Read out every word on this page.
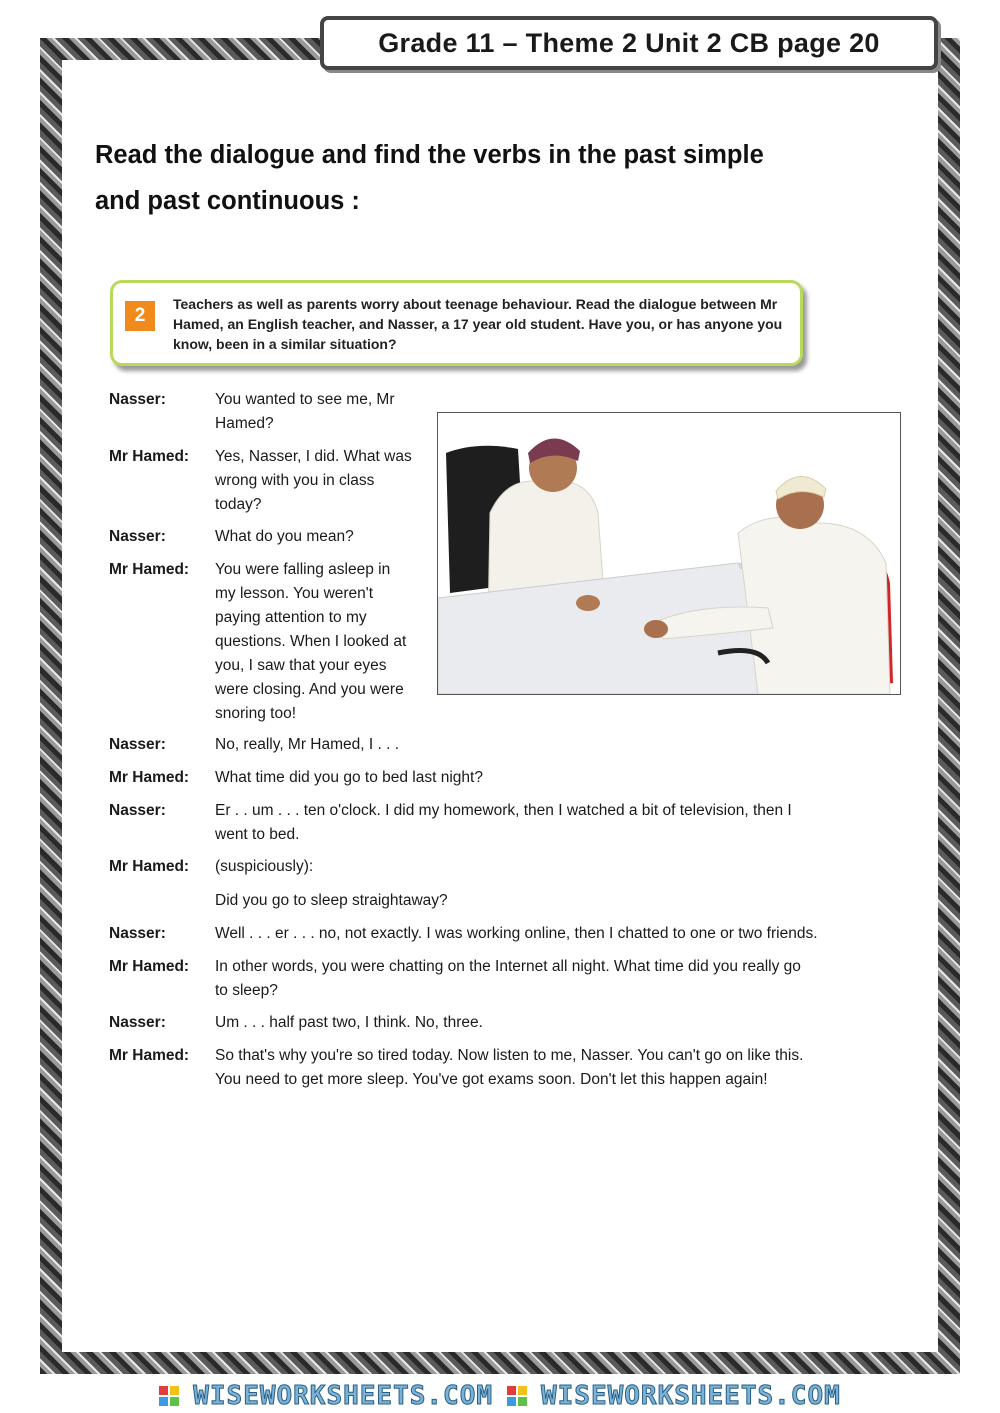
Grade 11 – Theme 2 Unit 2 CB page 20
Read the dialogue and find the verbs in the past simple
and past continuous :
2
Teachers as well as parents worry about teenage behaviour. Read the dialogue between Mr Hamed, an English teacher, and Nasser, a 17 year old student. Have you, or has anyone you know, been in a similar situation?
Nasser:	You wanted to see me, Mr
Hamed?
Mr Hamed:	Yes, Nasser, I did. What was
wrong with you in class
today?
Nasser:	What do you mean?
Mr Hamed:	You were falling asleep in
my lesson. You weren't
paying attention to my
questions. When I looked at
you, I saw that your eyes
were closing. And you were
snoring too!
Nasser:	No, really, Mr Hamed, I . . .
Mr Hamed:	What time did you go to bed last night?
Nasser:	Er . . um . . . ten o'clock. I did my homework, then I watched a bit of television, then I
went to bed.
Mr Hamed:	(suspiciously):
Did you go to sleep straightaway?
Nasser:	Well . . . er . . . no, not exactly. I was working online, then I chatted to one or two friends.
Mr Hamed:	In other words, you were chatting on the Internet all night. What time did you really go
to sleep?
Nasser:	Um . . . half past two, I think. No, three.
Mr Hamed:	So that's why you're so tired today. Now listen to me, Nasser. You can't go on like this.
You need to get more sleep. You've got exams soon. Don't let this happen again!
WISEWORKSHEETS.COM WISEWORKSHEETS.COM
